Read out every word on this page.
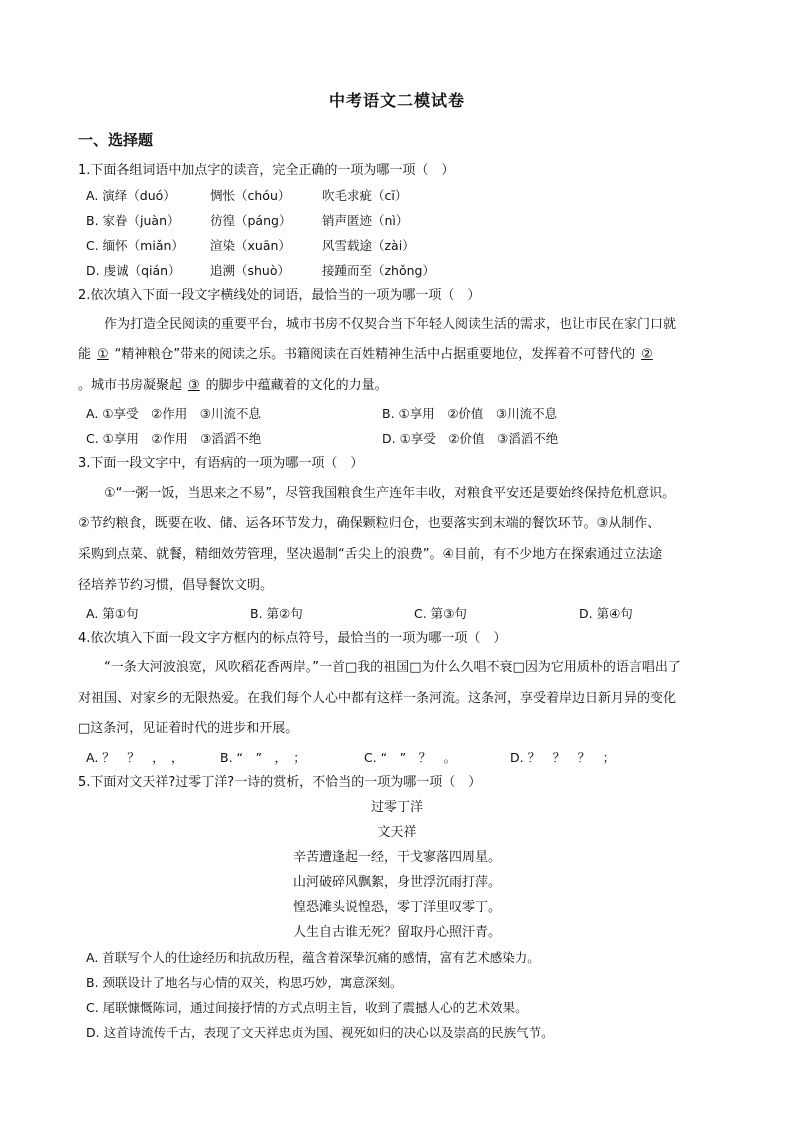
中考语文二模试卷
一、选择题
1.下面各组词语中加点字的读音，完全正确的一项为哪一项（　）
A. 演绎（duó）	惆怅（chóu）	吹毛求疵（cī）
B. 家眷（juàn） 彷徨（páng） 销声匿迹（nì）
C. 缅怀（miǎn） 渲染（xuān） 风雪载途（zài）
D. 虔诚（qián） 追溯（shuò）	接踵而至（zhǒng）
2.依次填入下面一段文字横线处的词语，最恰当的一项为哪一项（　）
作为打造全民阅读的重要平台，城市书房不仅契合当下年轻人阅读生活的需求，也让市民在家门口就
能 ① “精神粮仓”带来的阅读之乐。书籍阅读在百姓精神生活中占据重要地位，发挥着不可替代的 ②
。城市书房凝聚起 ③ 的脚步中蕴藏着的文化的力量。
A. ①享受　②作用　③川流不息	B. ①享用　②价值　③川流不息
C. ①享用　②作用　③滔滔不绝	D. ①享受　②价值　③滔滔不绝
3.下面一段文字中，有语病的一项为哪一项（　）
①“一粥一饭，当思来之不易”，尽管我国粮食生产连年丰收，对粮食平安还是要始终保持危机意识。
②节约粮食，既要在收、储、运各环节发力，确保颗粒归仓，也要落实到末端的餐饮环节。③从制作、
采购到点菜、就餐，精细效劳管理，坚决遏制“舌尖上的浪费”。④目前，有不少地方在探索通过立法途
径培养节约习惯，倡导餐饮文明。
A. 第①句	B. 第②句	C. 第③句	D. 第④句
4.依次填入下面一段文字方框内的标点符号，最恰当的一项为哪一项（　）
“一条大河波浪宽，风吹稻花香两岸。”一首□我的祖国□为什么久唱不衰□因为它用质朴的语言唱出了
对祖国、对家乡的无限热爱。在我们每个人心中都有这样一条河流。这条河，享受着岸边日新月异的变化
□这条河，见证着时代的进步和开展。
A. ？　？　，　，	B. “　”　，　；	C. “　”　？　。	D. ？　？　？　；
5.下面对文天祥?过零丁洋?一诗的赏析，不恰当的一项为哪一项（　）
过零丁洋
文天祥
辛苦遭逢起一经，干戈寥落四周星。
山河破碎风飘絮，身世浮沉雨打萍。
惶恐滩头说惶恐，零丁洋里叹零丁。
人生自古谁无死？留取丹心照汗青。
A. 首联写个人的仕途经历和抗敌历程，蕴含着深挚沉痛的感情，富有艺术感染力。
B. 颈联设计了地名与心情的双关，构思巧妙，寓意深刻。
C. 尾联慷慨陈词，通过间接抒情的方式点明主旨，收到了震撼人心的艺术效果。
D. 这首诗流传千古，表现了文天祥忠贞为国、视死如归的决心以及崇高的民族气节。
